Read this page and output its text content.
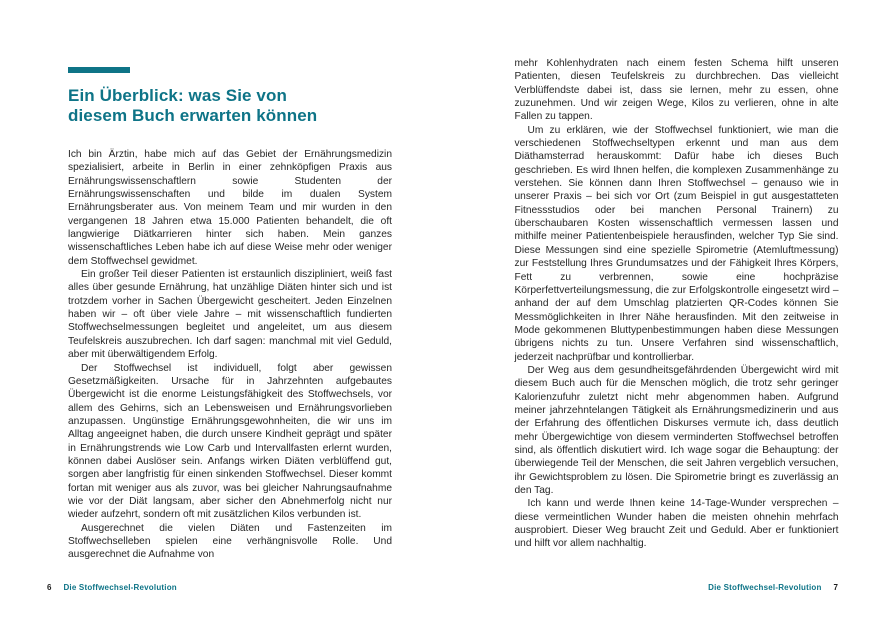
Ein Überblick: was Sie von
diesem Buch erwarten können

Ich bin Ärztin, habe mich auf das Gebiet der Ernährungsmedizin spezialisiert, arbeite in Berlin in einer zehnköpfigen Praxis aus Ernährungswissenschaftlern sowie Studenten der Ernährungswissenschaften und bilde im dualen System Ernährungsberater aus. Von meinem Team und mir wurden in den vergangenen 18 Jahren etwa 15.000 Patienten behandelt, die oft langwierige Diätkarrieren hinter sich haben. Mein ganzes wissenschaftliches Leben habe ich auf diese Weise mehr oder weniger dem Stoffwechsel gewidmet.

Ein großer Teil dieser Patienten ist erstaunlich diszipliniert, weiß fast alles über gesunde Ernährung, hat unzählige Diäten hinter sich und ist trotzdem vorher in Sachen Übergewicht gescheitert. Jeden Einzelnen haben wir – oft über viele Jahre – mit wissenschaftlich fundierten Stoffwechselmessungen begleitet und angeleitet, um aus diesem Teufelskreis auszubrechen. Ich darf sagen: manchmal mit viel Geduld, aber mit überwältigendem Erfolg.

Der Stoffwechsel ist individuell, folgt aber gewissen Gesetzmäßigkeiten. Ursache für in Jahrzehnten aufgebautes Übergewicht ist die enorme Leistungsfähigkeit des Stoffwechsels, vor allem des Gehirns, sich an Lebensweisen und Ernährungsvorlieben anzupassen. Ungünstige Ernährungsgewohnheiten, die wir uns im Alltag angeeignet haben, die durch unsere Kindheit geprägt und später in Ernährungstrends wie Low Carb und Intervallfasten erlernt wurden, können dabei Auslöser sein. Anfangs wirken Diäten verblüffend gut, sorgen aber langfristig für einen sinkenden Stoffwechsel. Dieser kommt fortan mit weniger aus als zuvor, was bei gleicher Nahrungsaufnahme wie vor der Diät langsam, aber sicher den Abnehmerfolg nicht nur wieder aufzehrt, sondern oft mit zusätzlichen Kilos verbunden ist.

Ausgerechnet die vielen Diäten und Fastenzeiten im Stoffwechselleben spielen eine verhängnisvolle Rolle. Und ausgerechnet die Aufnahme von

6 Die Stoffwechsel-Revolution

mehr Kohlenhydraten nach einem festen Schema hilft unseren Patienten, diesen Teufelskreis zu durchbrechen. Das vielleicht Verblüffendste dabei ist, dass sie lernen, mehr zu essen, ohne zuzunehmen. Und wir zeigen Wege, Kilos zu verlieren, ohne in alte Fallen zu tappen.

Um zu erklären, wie der Stoffwechsel funktioniert, wie man die verschiedenen Stoffwechseltypen erkennt und man aus dem Diäthamsterrad herauskommt: Dafür habe ich dieses Buch geschrieben. Es wird Ihnen helfen, die komplexen Zusammenhänge zu verstehen. Sie können dann Ihren Stoffwechsel – genauso wie in unserer Praxis – bei sich vor Ort (zum Beispiel in gut ausgestatteten Fitnessstudios oder bei manchen Personal Trainern) zu überschaubaren Kosten wissenschaftlich vermessen lassen und mithilfe meiner Patientenbeispiele herausfinden, welcher Typ Sie sind. Diese Messungen sind eine spezielle Spirometrie (Atemluftmessung) zur Feststellung Ihres Grundumsatzes und der Fähigkeit Ihres Körpers, Fett zu verbrennen, sowie eine hochpräzise Körperfettverteilungsmessung, die zur Erfolgskontrolle eingesetzt wird – anhand der auf dem Umschlag platzierten QR-Codes können Sie Messmöglichkeiten in Ihrer Nähe herausfinden. Mit den zeitweise in Mode gekommenen Bluttypenbestimmungen haben diese Messungen übrigens nichts zu tun. Unsere Verfahren sind wissenschaftlich, jederzeit nachprüfbar und kontrollierbar.

Der Weg aus dem gesundheitsgefährdenden Übergewicht wird mit diesem Buch auch für die Menschen möglich, die trotz sehr geringer Kalorienzufuhr zuletzt nicht mehr abgenommen haben. Aufgrund meiner jahrzehntelangen Tätigkeit als Ernährungsmedizinerin und aus der Erfahrung des öffentlichen Diskurses vermute ich, dass deutlich mehr Übergewichtige von diesem verminderten Stoffwechsel betroffen sind, als öffentlich diskutiert wird. Ich wage sogar die Behauptung: der überwiegende Teil der Menschen, die seit Jahren vergeblich versuchen, ihr Gewichtsproblem zu lösen. Die Spirometrie bringt es zuverlässig an den Tag.

Ich kann und werde Ihnen keine 14-Tage-Wunder versprechen – diese vermeintlichen Wunder haben die meisten ohnehin mehrfach ausprobiert. Dieser Weg braucht Zeit und Geduld. Aber er funktioniert und hilft vor allem nachhaltig.

Die Stoffwechsel-Revolution 7
